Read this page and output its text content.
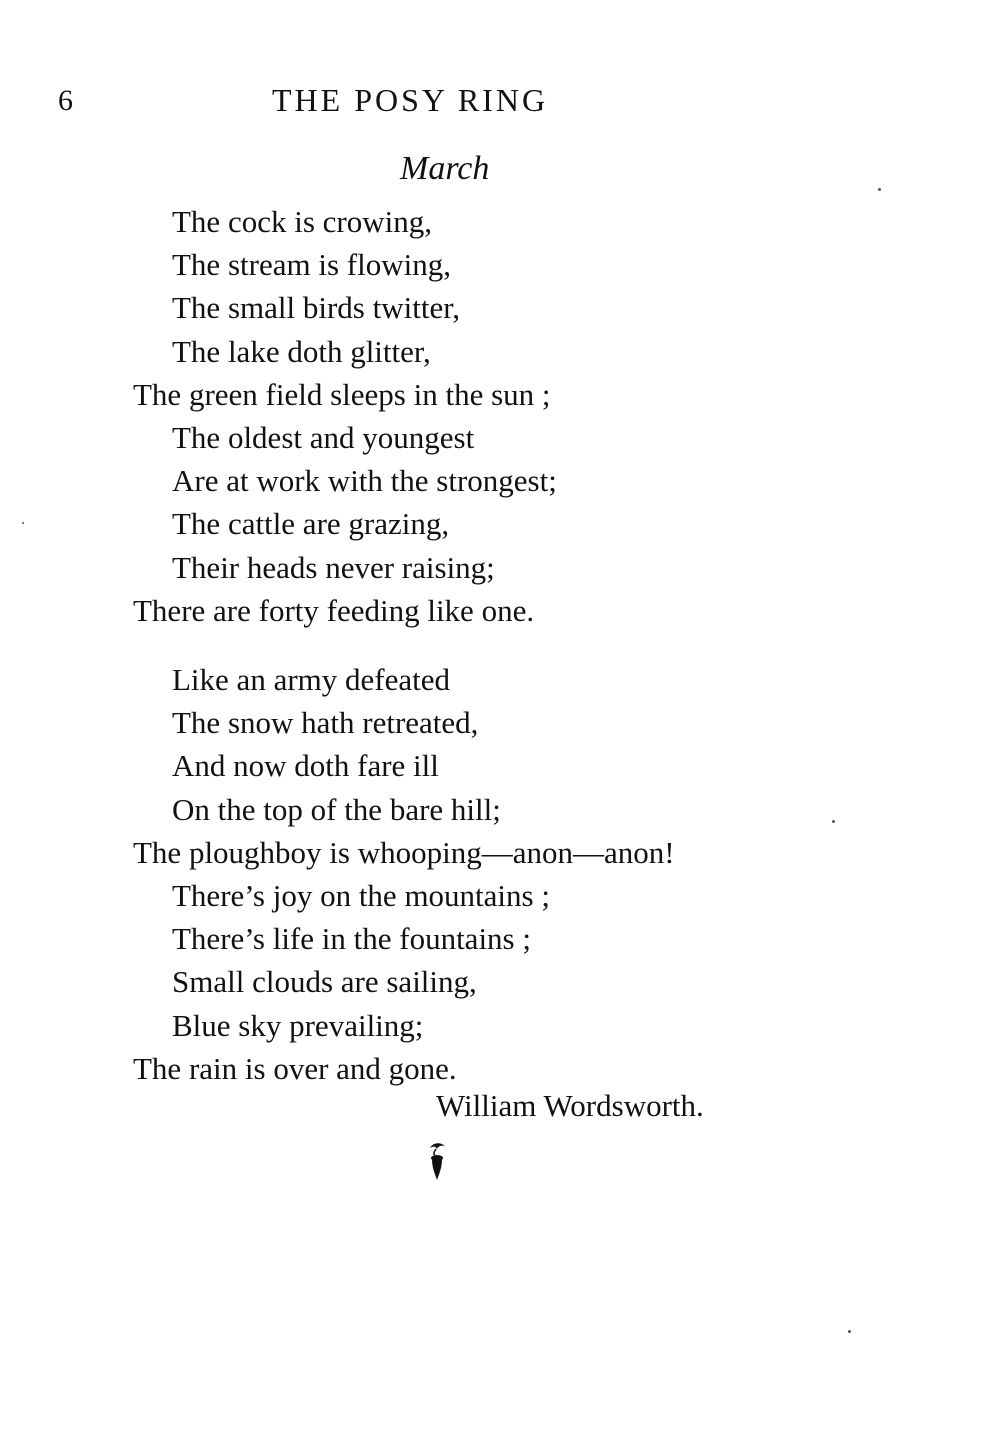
6	THE POSY RING
March
The cock is crowing,
The stream is flowing,
The small birds twitter,
The lake doth glitter,
The green field sleeps in the sun ;
The oldest and youngest
Are at work with the strongest;
The cattle are grazing,
Their heads never raising;
There are forty feeding like one.
Like an army defeated
The snow hath retreated,
And now doth fare ill
On the top of the bare hill;
The ploughboy is whooping—anon—anon!
There’s joy on the mountains ;
There’s life in the fountains ;
Small clouds are sailing,
Blue sky prevailing;
The rain is over and gone.
William Wordsworth.
